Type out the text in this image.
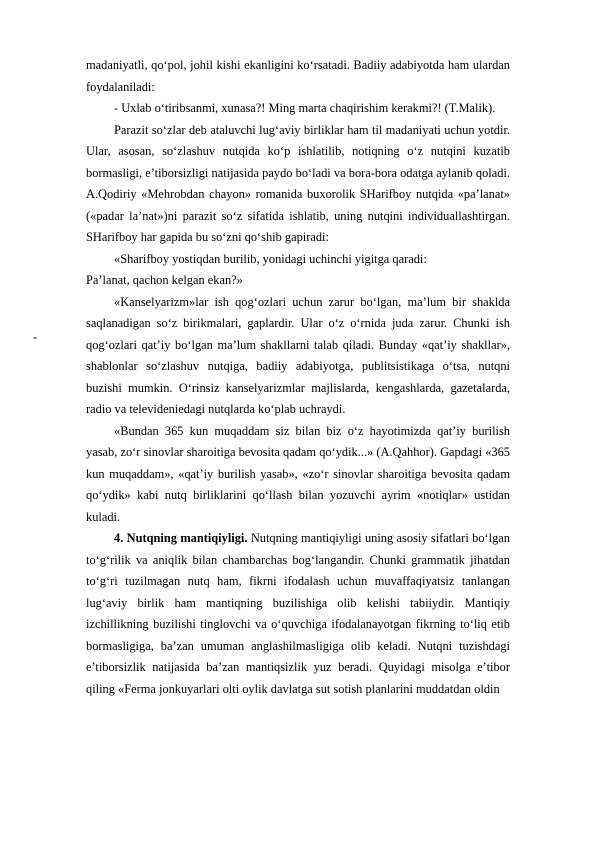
madaniyatli, qo‘pol, johil kishi ekanligini ko‘rsatadi. Badiiy adabiyotda ham ulardan foydalaniladi:

- Uxlab o‘tiribsanmi, xunasa?! Ming marta chaqirishim kerakmi?! (T.Malik).

Parazit so‘zlar deb ataluvchi lug‘aviy birliklar ham til madaniyati uchun yotdir. Ular, asosan, so‘zlashuv nutqida ko‘p ishlatilib, notiqning o‘z nutqini kuzatib bormasligi, e’tiborsizligi natijasida paydo bo‘ladi va bora-bora odatga aylanib qoladi. A.Qodiriy «Mehrobdan chayon» romanida buxorolik SHarifboy nutqida «pa’lanat» («padar la’nat»)ni parazit so‘z sifatida ishlatib, uning nutqini individuallashtirgan. SHarifboy har gapida bu so‘zni qo‘shib gapiradi:

«Sharifboy yostiqdan burilib, yonidagi uchinchi yigitga qaradi:

Pa’lanat, qachon kelgan ekan?»

«Kanselyarizm»lar ish qog‘ozlari uchun zarur bo‘lgan, ma’lum bir shaklda saqlanadigan so‘z birikmalari, gaplardir. Ular o‘z o‘rnida juda zarur. Chunki ish qog‘ozlari qat’iy bo‘lgan ma’lum shakllarni talab qiladi. Bunday «qat’iy shakllar», shablonlar so‘zlashuv nutqiga, badiiy adabiyotga, publitsistikaga o‘tsa, nutqni buzishi mumkin. O‘rinsiz kanselyarizmlar majlislarda, kengashlarda, gazetalarda, radio va televideniedagi nutqlarda ko‘plab uchraydi.

«Bundan 365 kun muqaddam siz bilan biz o‘z hayotimizda qat’iy burilish yasab, zo‘r sinovlar sharoitiga bevosita qadam qo‘ydik...» (A.Qahhor). Gapdagi «365 kun muqaddam», «qat’iy burilish yasab», «zo‘r sinovlar sharoitiga bevosita qadam qo‘ydik» kabi nutq birliklarini qo‘llash bilan yozuvchi ayrim «notiqlar» ustidan kuladi.

4. Nutqning mantiqiyligi. Nutqning mantiqiyligi uning asosiy sifatlari bo‘lgan to‘g‘rilik va aniqlik bilan chambarchas bog‘langandir. Chunki grammatik jihatdan to‘g‘ri tuzilmagan nutq ham, fikrni ifodalash uchun muvaffaqiyatsiz tanlangan lug‘aviy birlik ham mantiqning buzilishiga olib kelishi tabiiydir. Mantiqiy izchillikning buzilishi tinglovchi va o‘quvchiga ifodalanayotgan fikrning to‘liq etib bormasligiga, ba’zan umuman anglashilmasligiga olib keladi. Nutqni tuzishdagi e’tiborsizlik natijasida ba’zan mantiqsizlik yuz beradi. Quyidagi misolga e’tibor qiling «Ferma jonkuyarlari olti oylik davlatga sut sotish planlarini muddatdan oldin

-
